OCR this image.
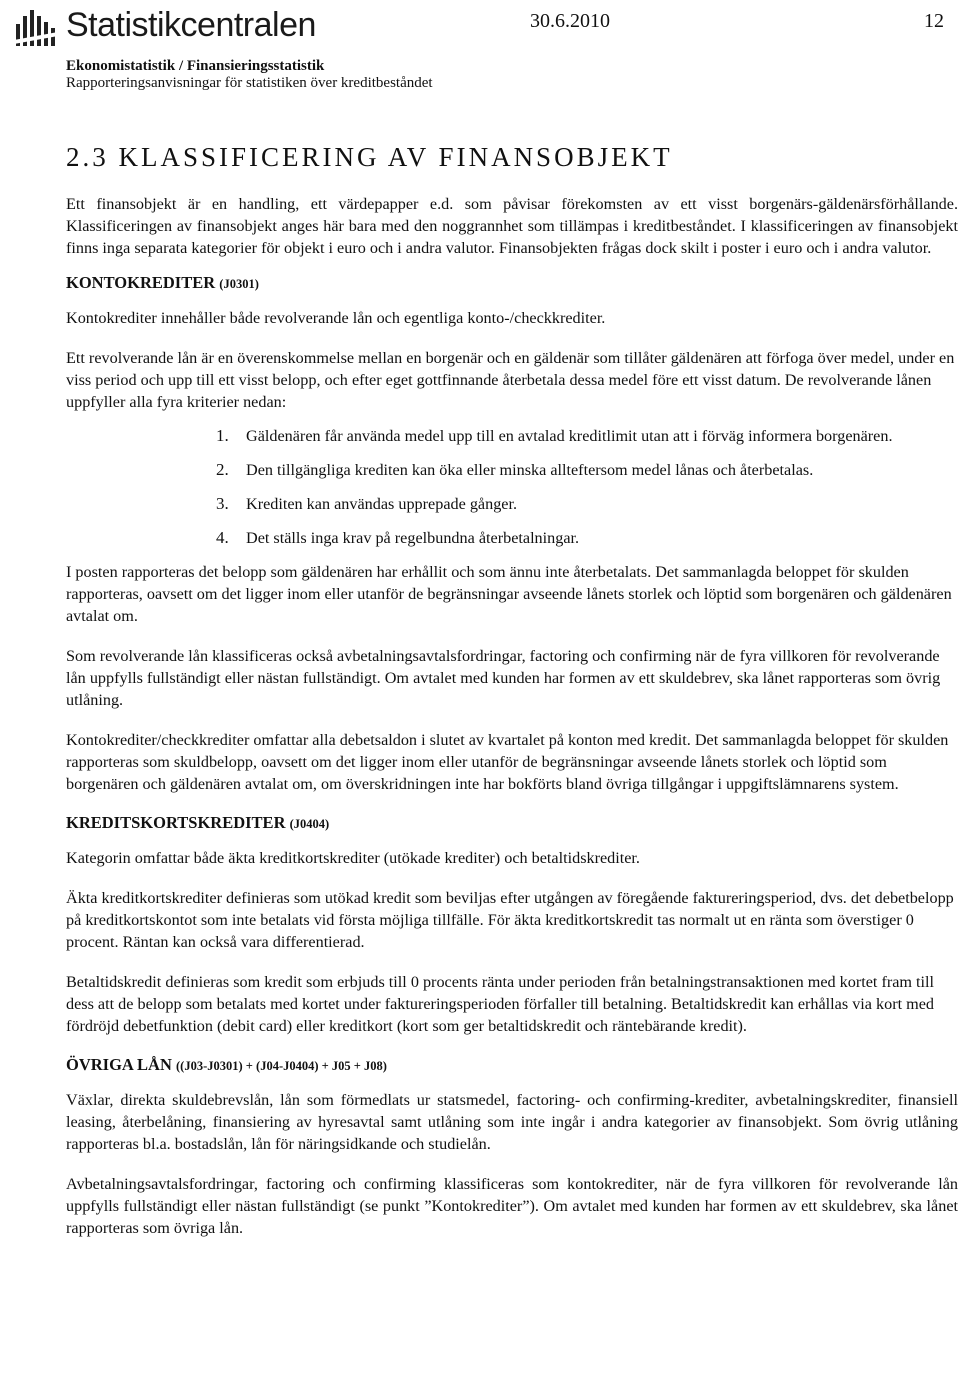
Statistikcentralen	30.6.2010	12
Ekonomistatistik / Finansieringsstatistik
Rapporteringsanvisningar för statistiken över kreditbeståndet
2.3 KLASSIFICERING AV FINANSOBJEKT

Ett finansobjekt är en handling, ett värdepapper e.d. som påvisar förekomsten av ett visst borgenärs-gäldenärsförhållande. Klassificeringen av finansobjekt anges här bara med den noggrannhet som tillämpas i kreditbeståndet. I klassificeringen av finansobjekt finns inga separata kategorier för objekt i euro och i andra valutor. Finansobjekten frågas dock skilt i poster i euro och i andra valutor.

KONTOKREDITER (J0301)

Kontokrediter innehåller både revolverande lån och egentliga konto-/checkkrediter.

Ett revolverande lån är en överenskommelse mellan en borgenär och en gäldenär som tillåter gäldenären att förfoga över medel, under en viss period och upp till ett visst belopp, och efter eget gottfinnande återbetala dessa medel före ett visst datum. De revolverande lånen uppfyller alla fyra kriterier nedan:

1. Gäldenären får använda medel upp till en avtalad kreditlimit utan att i förväg informera borgenären.
2. Den tillgängliga krediten kan öka eller minska allteftersom medel lånas och återbetalas.
3. Krediten kan användas upprepade gånger.
4. Det ställs inga krav på regelbundna återbetalningar.

I posten rapporteras det belopp som gäldenären har erhållit och som ännu inte återbetalats. Det sammanlagda beloppet för skulden rapporteras, oavsett om det ligger inom eller utanför de begränsningar avseende lånets storlek och löptid som borgenären och gäldenären avtalat om.

Som revolverande lån klassificeras också avbetalningsavtalsfordringar, factoring och confirming när de fyra villkoren för revolverande lån uppfylls fullständigt eller nästan fullständigt. Om avtalet med kunden har formen av ett skuldebrev, ska lånet rapporteras som övrig utlåning.

Kontokrediter/checkkrediter omfattar alla debetsaldon i slutet av kvartalet på konton med kredit. Det sammanlagda beloppet för skulden rapporteras som skuldbelopp, oavsett om det ligger inom eller utanför de begränsningar avseende lånets storlek och löptid som borgenären och gäldenären avtalat om, om överskridningen inte har bokförts bland övriga tillgångar i uppgiftslämnarens system.

KREDITSKORTSKREDITER (J0404)

Kategorin omfattar både äkta kreditkortskrediter (utökade krediter) och betaltidskrediter.

Äkta kreditkortskrediter definieras som utökad kredit som beviljas efter utgången av föregående faktureringsperiod, dvs. det debetbelopp på kreditkortskontot som inte betalats vid första möjliga tillfälle. För äkta kreditkortskredit tas normalt ut en ränta som överstiger 0 procent. Räntan kan också vara differentierad.

Betaltidskredit definieras som kredit som erbjuds till 0 procents ränta under perioden från betalningstransaktionen med kortet fram till dess att de belopp som betalats med kortet under faktureringsperioden förfaller till betalning. Betaltidskredit kan erhållas via kort med fördröjd debetfunktion (debit card) eller kreditkort (kort som ger betaltidskredit och räntebärande kredit).

ÖVRIGA LÅN ((J03-J0301) + (J04-J0404) + J05 + J08)

Växlar, direkta skuldebrevslån, lån som förmedlats ur statsmedel, factoring- och confirming-krediter, avbetalningskrediter, finansiell leasing, återbelåning, finansiering av hyresavtal samt utlåning som inte ingår i andra kategorier av finansobjekt. Som övrig utlåning rapporteras bl.a. bostadslån, lån för näringsidkande och studielån.

Avbetalningsavtalsfordringar, factoring och confirming klassificeras som kontokrediter, när de fyra villkoren för revolverande lån uppfylls fullständigt eller nästan fullständigt (se punkt ”Kontokrediter”). Om avtalet med kunden har formen av ett skuldebrev, ska lånet rapporteras som övriga lån.
